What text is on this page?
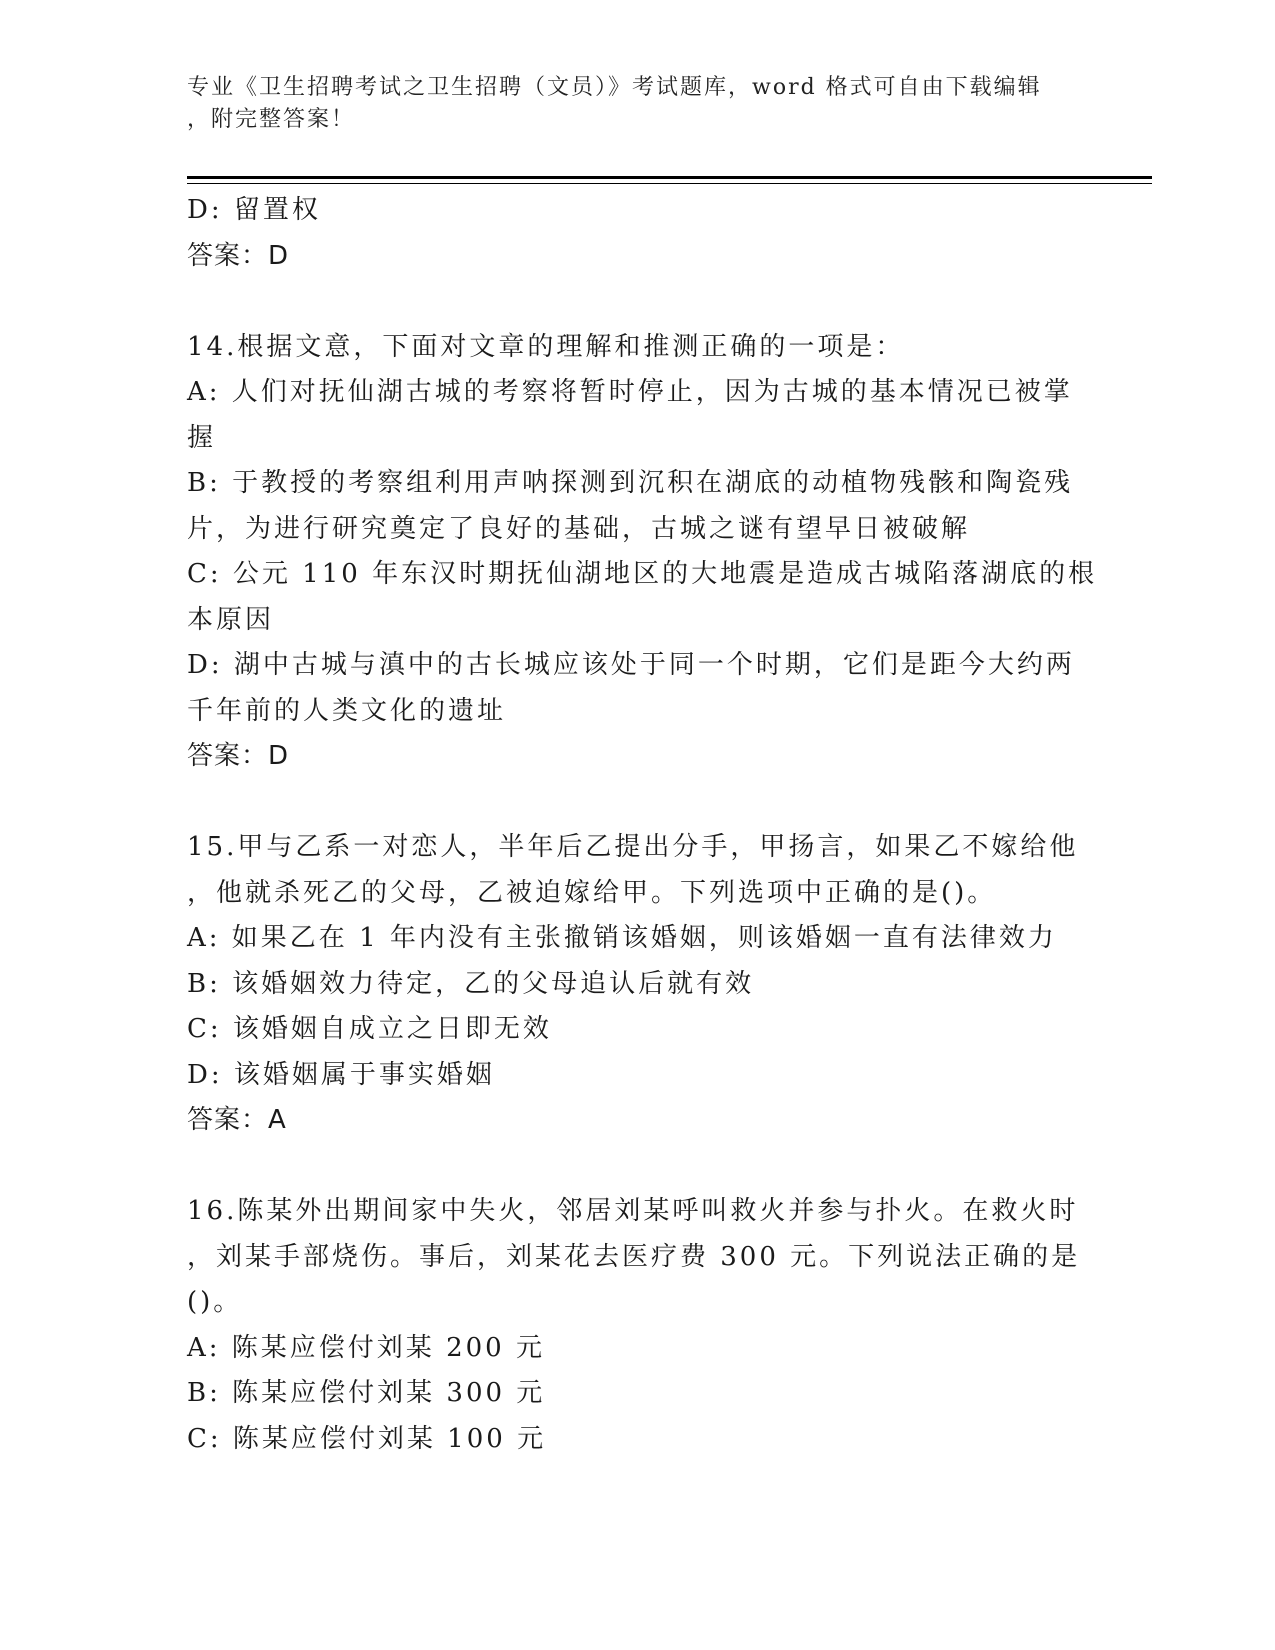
专业《卫生招聘考试之卫生招聘（文员）》考试题库，word 格式可自由下载编辑
，附完整答案！
D: 留置权
答案：D
14.根据文意，下面对文章的理解和推测正确的一项是：
A: 人们对抚仙湖古城的考察将暂时停止，因为古城的基本情况已被掌
握
B: 于教授的考察组利用声呐探测到沉积在湖底的动植物残骸和陶瓷残
片，为进行研究奠定了良好的基础，古城之谜有望早日被破解
C: 公元 110 年东汉时期抚仙湖地区的大地震是造成古城陷落湖底的根
本原因
D: 湖中古城与滇中的古长城应该处于同一个时期，它们是距今大约两
千年前的人类文化的遗址
答案：D
15.甲与乙系一对恋人，半年后乙提出分手，甲扬言，如果乙不嫁给他
，他就杀死乙的父母，乙被迫嫁给甲。下列选项中正确的是()。
A: 如果乙在 1 年内没有主张撤销该婚姻，则该婚姻一直有法律效力
B: 该婚姻效力待定，乙的父母追认后就有效
C: 该婚姻自成立之日即无效
D: 该婚姻属于事实婚姻
答案：A
16.陈某外出期间家中失火，邻居刘某呼叫救火并参与扑火。在救火时
，刘某手部烧伤。事后，刘某花去医疗费 300 元。下列说法正确的是
()。
A: 陈某应偿付刘某 200 元
B: 陈某应偿付刘某 300 元
C: 陈某应偿付刘某 100 元
